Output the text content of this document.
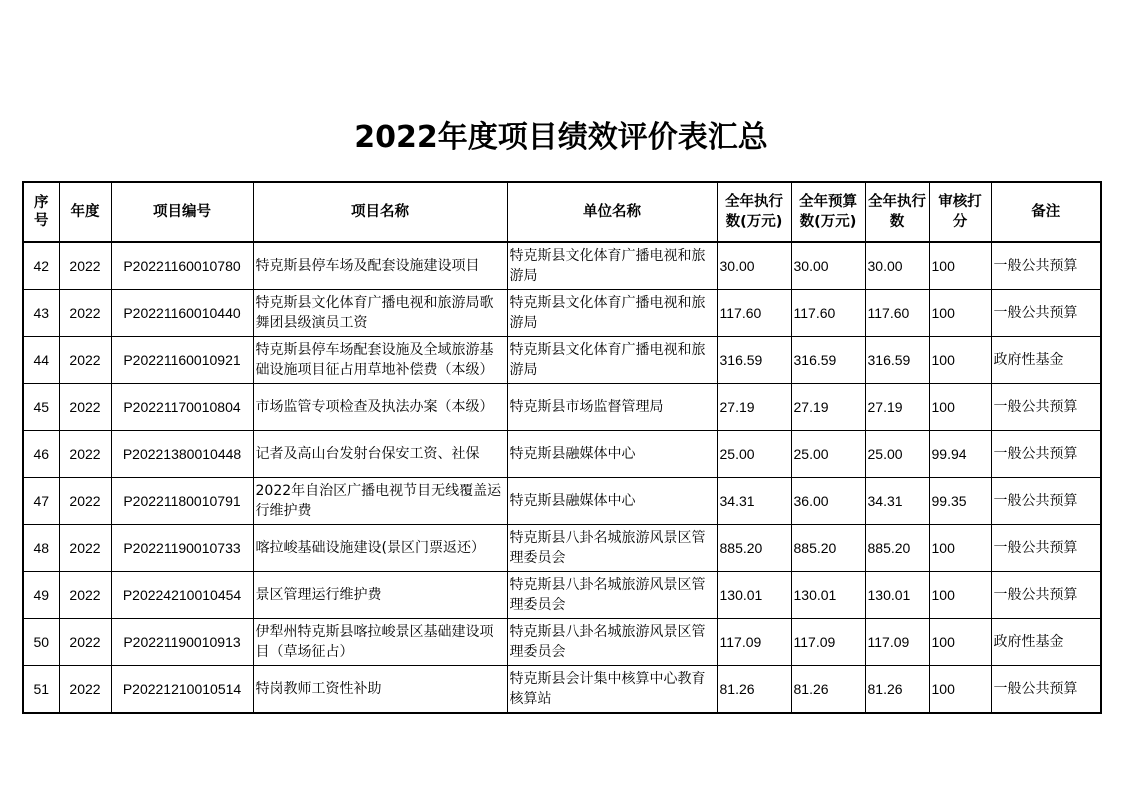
2022年度项目绩效评价表汇总
序号	年度	项目编号	项目名称	单位名称	全年执行数(万元)	全年预算数(万元)	全年执行数	审核打分	备注
42	2022	P20221160010780	特克斯县停车场及配套设施建设项目	特克斯县文化体育广播电视和旅游局	30.00	30.00	30.00	100	一般公共预算
43	2022	P20221160010440	特克斯县文化体育广播电视和旅游局歌舞团县级演员工资	特克斯县文化体育广播电视和旅游局	117.60	117.60	117.60	100	一般公共预算
44	2022	P20221160010921	特克斯县停车场配套设施及全域旅游基础设施项目征占用草地补偿费（本级）	特克斯县文化体育广播电视和旅游局	316.59	316.59	316.59	100	政府性基金
45	2022	P20221170010804	市场监管专项检查及执法办案（本级）	特克斯县市场监督管理局	27.19	27.19	27.19	100	一般公共预算
46	2022	P20221380010448	记者及高山台发射台保安工资、社保	特克斯县融媒体中心	25.00	25.00	25.00	99.94	一般公共预算
47	2022	P20221180010791	2022年自治区广播电视节目无线覆盖运行维护费	特克斯县融媒体中心	34.31	36.00	34.31	99.35	一般公共预算
48	2022	P20221190010733	喀拉峻基础设施建设(景区门票返还）	特克斯县八卦名城旅游风景区管理委员会	885.20	885.20	885.20	100	一般公共预算
49	2022	P20224210010454	景区管理运行维护费	特克斯县八卦名城旅游风景区管理委员会	130.01	130.01	130.01	100	一般公共预算
50	2022	P20221190010913	伊犁州特克斯县喀拉峻景区基础建设项目（草场征占）	特克斯县八卦名城旅游风景区管理委员会	117.09	117.09	117.09	100	政府性基金
51	2022	P20221210010514	特岗教师工资性补助	特克斯县会计集中核算中心教育核算站	81.26	81.26	81.26	100	一般公共预算
